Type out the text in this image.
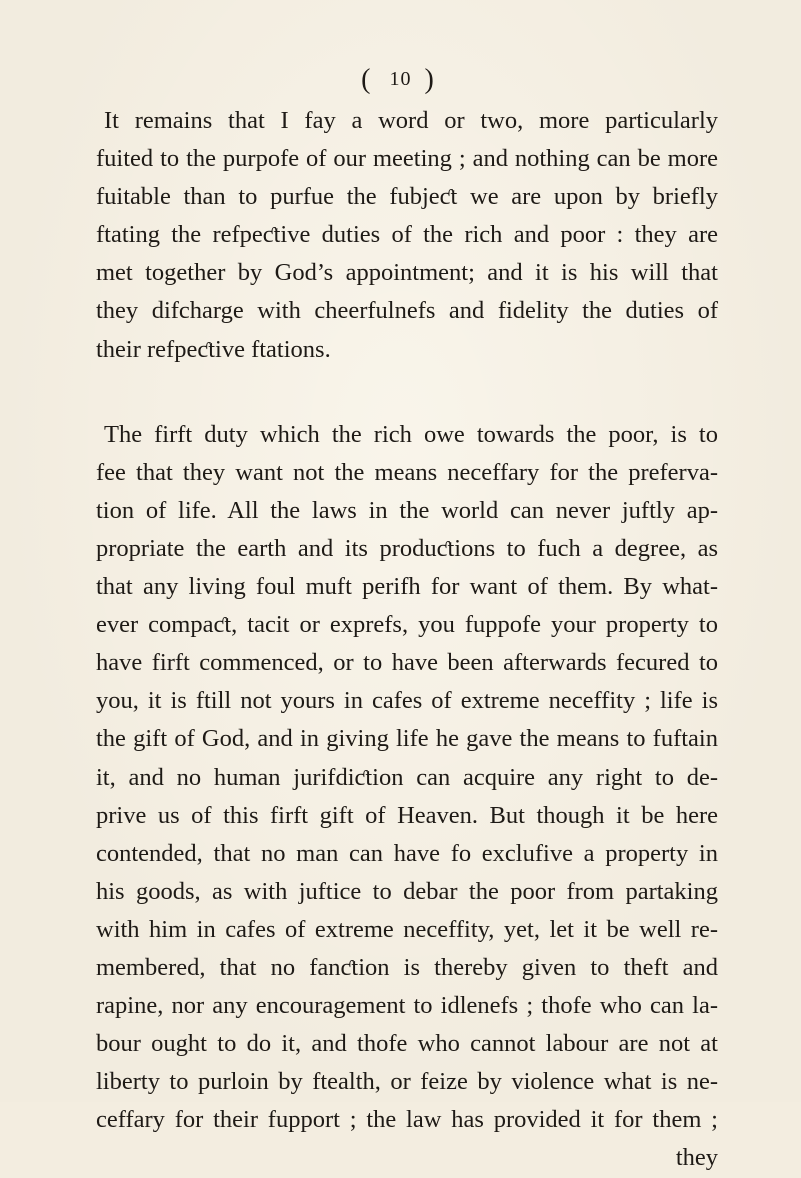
( 10 )

It remains that I fay a word or two, more particularly
fuited to the purpofe of our meeting ; and nothing can be more
fuitable than to purfue the fubjeƈt we are upon by briefly
ftating the refpeƈtive duties of the rich and poor : they are
met together by God’s appointment; and it is his will that
they difcharge with cheerfulnefs and fidelity the duties of
their refpeƈtive ftations.

The firft duty which the rich owe towards the poor, is to
fee that they want not the means neceffary for the preferva-
tion of life. All the laws in the world can never juftly ap-
propriate the earth and its produƈtions to fuch a degree, as
that any living foul muft perifh for want of them. By what-
ever compaƈt, tacit or exprefs, you fuppofe your property to
have firft commenced, or to have been afterwards fecured to
you, it is ftill not yours in cafes of extreme neceffity ; life is
the gift of God, and in giving life he gave the means to fuftain
it, and no human jurifdiƈtion can acquire any right to de-
prive us of this firft gift of Heaven. But though it be here
contended, that no man can have fo exclufive a property in
his goods, as with juftice to debar the poor from partaking
with him in cafes of extreme neceffity, yet, let it be well re-
membered, that no fanƈtion is thereby given to theft and
rapine, nor any encouragement to idlenefs ; thofe who can la-
bour ought to do it, and thofe who cannot labour are not at
liberty to purloin by ftealth, or feize by violence what is ne-
ceffary for their fupport ; the law has provided it for them ;
they
